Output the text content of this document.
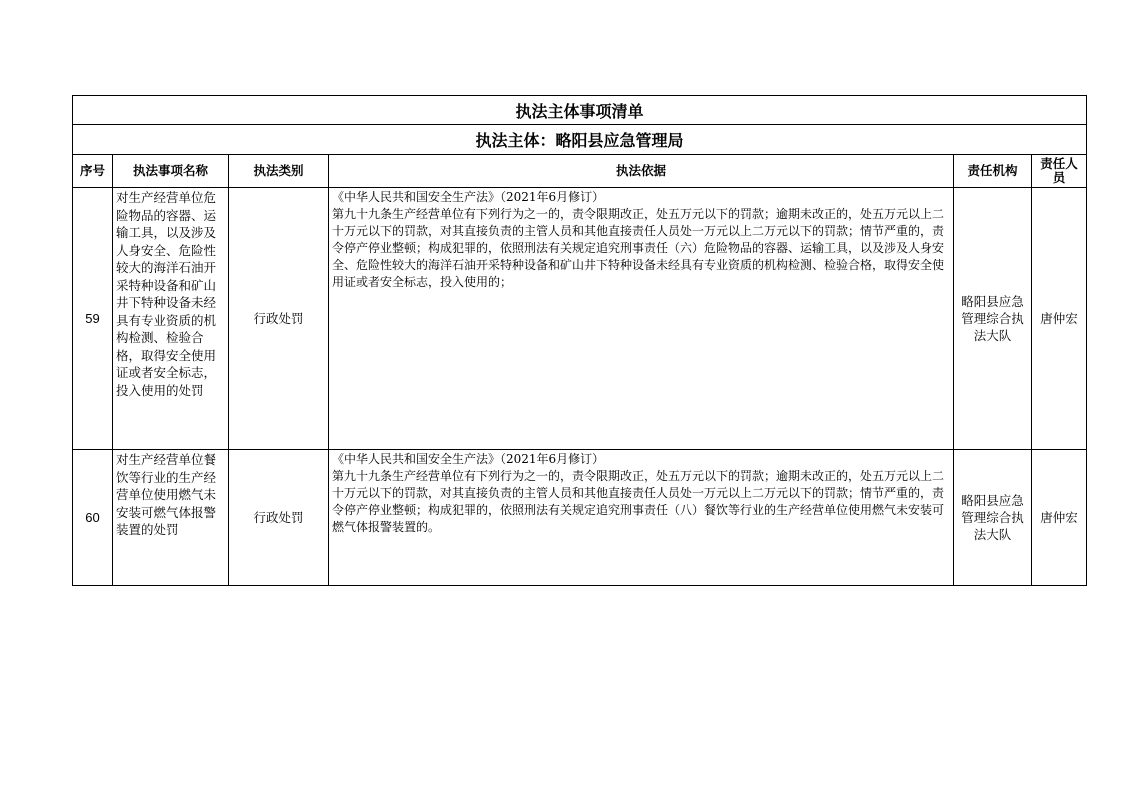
执法主体事项清单					
执法主体：略阳县应急管理局					
序号	执法事项名称	执法类别	执法依据	责任机构	责任人员
59	对生产经营单位危险物品的容器、运输工具，以及涉及人身安全、危险性较大的海洋石油开采特种设备和矿山井下特种设备未经具有专业资质的机构检测、检验合格，取得安全使用证或者安全标志，投入使用的处罚	行政处罚	《中华人民共和国安全生产法》（2021年6月修订）
第九十九条生产经营单位有下列行为之一的，责令限期改正，处五万元以下的罚款；逾期未改正的，处五万元以上二十万元以下的罚款，对其直接负责的主管人员和其他直接责任人员处一万元以上二万元以下的罚款；情节严重的，责令停产停业整顿；构成犯罪的，依照刑法有关规定追究刑事责任（六）危险物品的容器、运输工具，以及涉及人身安全、危险性较大的海洋石油开采特种设备和矿山井下特种设备未经具有专业资质的机构检测、检验合格，取得安全使用证或者安全标志，投入使用的；	略阳县应急管理综合执法大队	唐仲宏
60	对生产经营单位餐饮等行业的生产经营单位使用燃气未安装可燃气体报警装置的处罚	行政处罚	《中华人民共和国安全生产法》（2021年6月修订）
第九十九条生产经营单位有下列行为之一的，责令限期改正，处五万元以下的罚款；逾期未改正的，处五万元以上二十万元以下的罚款，对其直接负责的主管人员和其他直接责任人员处一万元以上二万元以下的罚款；情节严重的，责令停产停业整顿；构成犯罪的，依照刑法有关规定追究刑事责任（八）餐饮等行业的生产经营单位使用燃气未安装可燃气体报警装置的。	略阳县应急管理综合执法大队	唐仲宏
